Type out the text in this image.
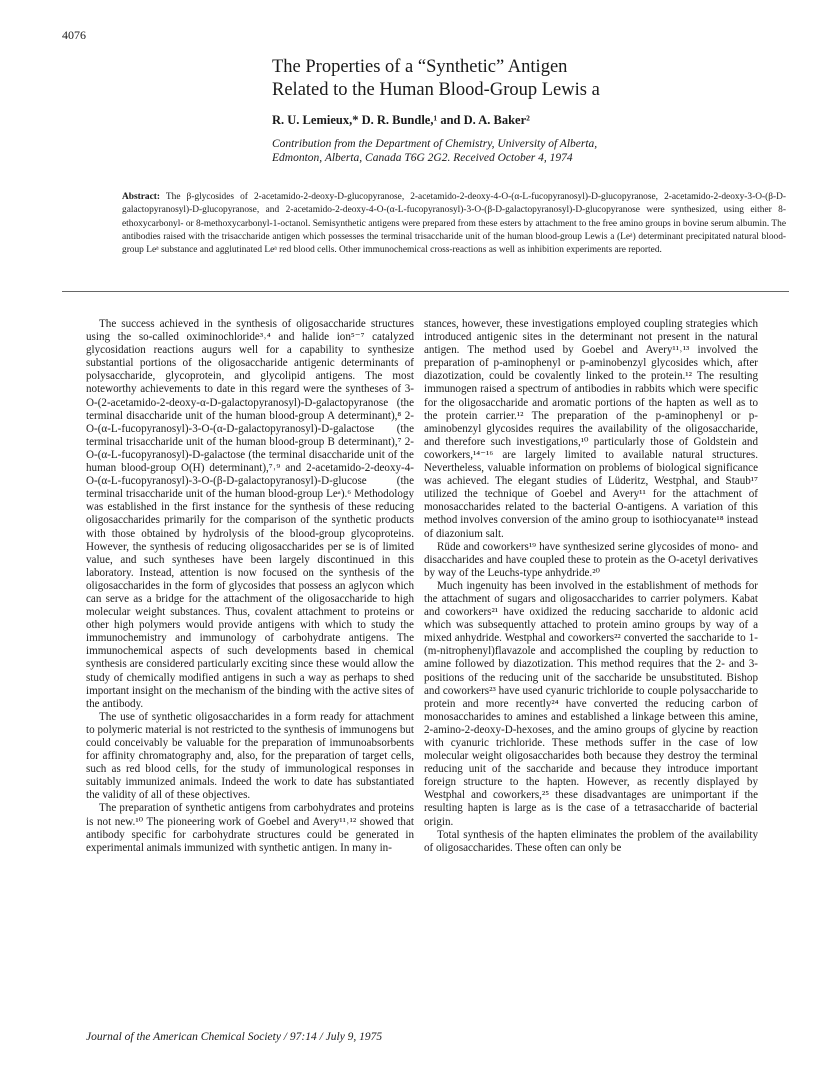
4076
The Properties of a “Synthetic” Antigen
Related to the Human Blood-Group Lewis a
R. U. Lemieux,* D. R. Bundle,¹ and D. A. Baker²
Contribution from the Department of Chemistry, University of Alberta,
Edmonton, Alberta, Canada T6G 2G2. Received October 4, 1974
Abstract: The β-glycosides of 2-acetamido-2-deoxy-D-glucopyranose, 2-acetamido-2-deoxy-4-O-(α-L-fucopyranosyl)-D-glucopyranose, 2-acetamido-2-deoxy-3-O-(β-D-galactopyranosyl)-D-glucopyranose, and 2-acetamido-2-deoxy-4-O-(α-L-fucopyranosyl)-3-O-(β-D-galactopyranosyl)-D-glucopyranose were synthesized, using either 8-ethoxycarbonyl- or 8-methoxycarbonyl-1-octanol. Semisynthetic antigens were prepared from these esters by attachment to the free amino groups in bovine serum albumin. The antibodies raised with the trisaccharide antigen which possesses the terminal trisaccharide unit of the human blood-group Lewis a (Leᵃ) determinant precipitated natural blood-group Leᵃ substance and agglutinated Leᵃ red blood cells. Other immunochemical cross-reactions as well as inhibition experiments are reported.

The success achieved in the synthesis of oligosaccharide structures using the so-called oximinochloride³˒⁴ and halide ion⁵⁻⁷ catalyzed glycosidation reactions augurs well for a capability to synthesize substantial portions of the oligosaccharide antigenic determinants of polysaccharide, glycoprotein, and glycolipid antigens. The most noteworthy achievements to date in this regard were the syntheses of 3-O-(2-acetamido-2-deoxy-α-D-galactopyranosyl)-D-galactopyranose (the terminal disaccharide unit of the human blood-group A determinant),⁸ 2-O-(α-L-fucopyranosyl)-3-O-(α-D-galactopyranosyl)-D-galactose (the terminal trisaccharide unit of the human blood-group B determinant),⁷ 2-O-(α-L-fucopyranosyl)-D-galactose (the terminal disaccharide unit of the human blood-group O(H) determinant),⁷˒⁹ and 2-acetamido-2-deoxy-4-O-(α-L-fucopyranosyl)-3-O-(β-D-galactopyranosyl)-D-glucose (the terminal trisaccharide unit of the human blood-group Leᵃ).⁶ Methodology was established in the first instance for the synthesis of these reducing oligosaccharides primarily for the comparison of the synthetic products with those obtained by hydrolysis of the blood-group glycoproteins. However, the synthesis of reducing oligosaccharides per se is of limited value, and such syntheses have been largely discontinued in this laboratory. Instead, attention is now focused on the synthesis of the oligosaccharides in the form of glycosides that possess an aglycon which can serve as a bridge for the attachment of the oligosaccharide to high molecular weight substances. Thus, covalent attachment to proteins or other high polymers would provide antigens with which to study the immunochemistry and immunology of carbohydrate antigens. The immunochemical aspects of such developments based in chemical synthesis are considered particularly exciting since these would allow the study of chemically modified antigens in such a way as perhaps to shed important insight on the mechanism of the binding with the active sites of the antibody.

The use of synthetic oligosaccharides in a form ready for attachment to polymeric material is not restricted to the synthesis of immunogens but could conceivably be valuable for the preparation of immunoabsorbents for affinity chromatography and, also, for the preparation of target cells, such as red blood cells, for the study of immunological responses in suitably immunized animals. Indeed the work to date has substantiated the validity of all of these objectives.

The preparation of synthetic antigens from carbohydrates and proteins is not new.¹⁰ The pioneering work of Goebel and Avery¹¹˒¹² showed that antibody specific for carbohydrate structures could be generated in experimental animals immunized with synthetic antigen. In many in-

stances, however, these investigations employed coupling strategies which introduced antigenic sites in the determinant not present in the natural antigen. The method used by Goebel and Avery¹¹˒¹³ involved the preparation of p-aminophenyl or p-aminobenzyl glycosides which, after diazotization, could be covalently linked to the protein.¹² The resulting immunogen raised a spectrum of antibodies in rabbits which were specific for the oligosaccharide and aromatic portions of the hapten as well as to the protein carrier.¹² The preparation of the p-aminophenyl or p-aminobenzyl glycosides requires the availability of the oligosaccharide, and therefore such investigations,¹⁰ particularly those of Goldstein and coworkers,¹⁴⁻¹⁶ are largely limited to available natural structures. Nevertheless, valuable information on problems of biological significance was achieved. The elegant studies of Lüderitz, Westphal, and Staub¹⁷ utilized the technique of Goebel and Avery¹¹ for the attachment of monosaccharides related to the bacterial O-antigens. A variation of this method involves conversion of the amino group to isothiocyanate¹⁸ instead of diazonium salt.

Rüde and coworkers¹⁹ have synthesized serine glycosides of mono- and disaccharides and have coupled these to protein as the O-acetyl derivatives by way of the Leuchs-type anhydride.²⁰

Much ingenuity has been involved in the establishment of methods for the attachment of sugars and oligosaccharides to carrier polymers. Kabat and coworkers²¹ have oxidized the reducing saccharide to aldonic acid which was subsequently attached to protein amino groups by way of a mixed anhydride. Westphal and coworkers²² converted the saccharide to 1-(m-nitrophenyl)flavazole and accomplished the coupling by reduction to amine followed by diazotization. This method requires that the 2- and 3-positions of the reducing unit of the saccharide be unsubstituted. Bishop and coworkers²³ have used cyanuric trichloride to couple polysaccharide to protein and more recently²⁴ have converted the reducing carbon of monosaccharides to amines and established a linkage between this amine, 2-amino-2-deoxy-D-hexoses, and the amino groups of glycine by reaction with cyanuric trichloride. These methods suffer in the case of low molecular weight oligosaccharides both because they destroy the terminal reducing unit of the saccharide and because they introduce important foreign structure to the hapten. However, as recently displayed by Westphal and coworkers,²⁵ these disadvantages are unimportant if the resulting hapten is large as is the case of a tetrasaccharide of bacterial origin.

Total synthesis of the hapten eliminates the problem of the availability of oligosaccharides. These often can only be

Journal of the American Chemical Society / 97:14 / July 9, 1975
